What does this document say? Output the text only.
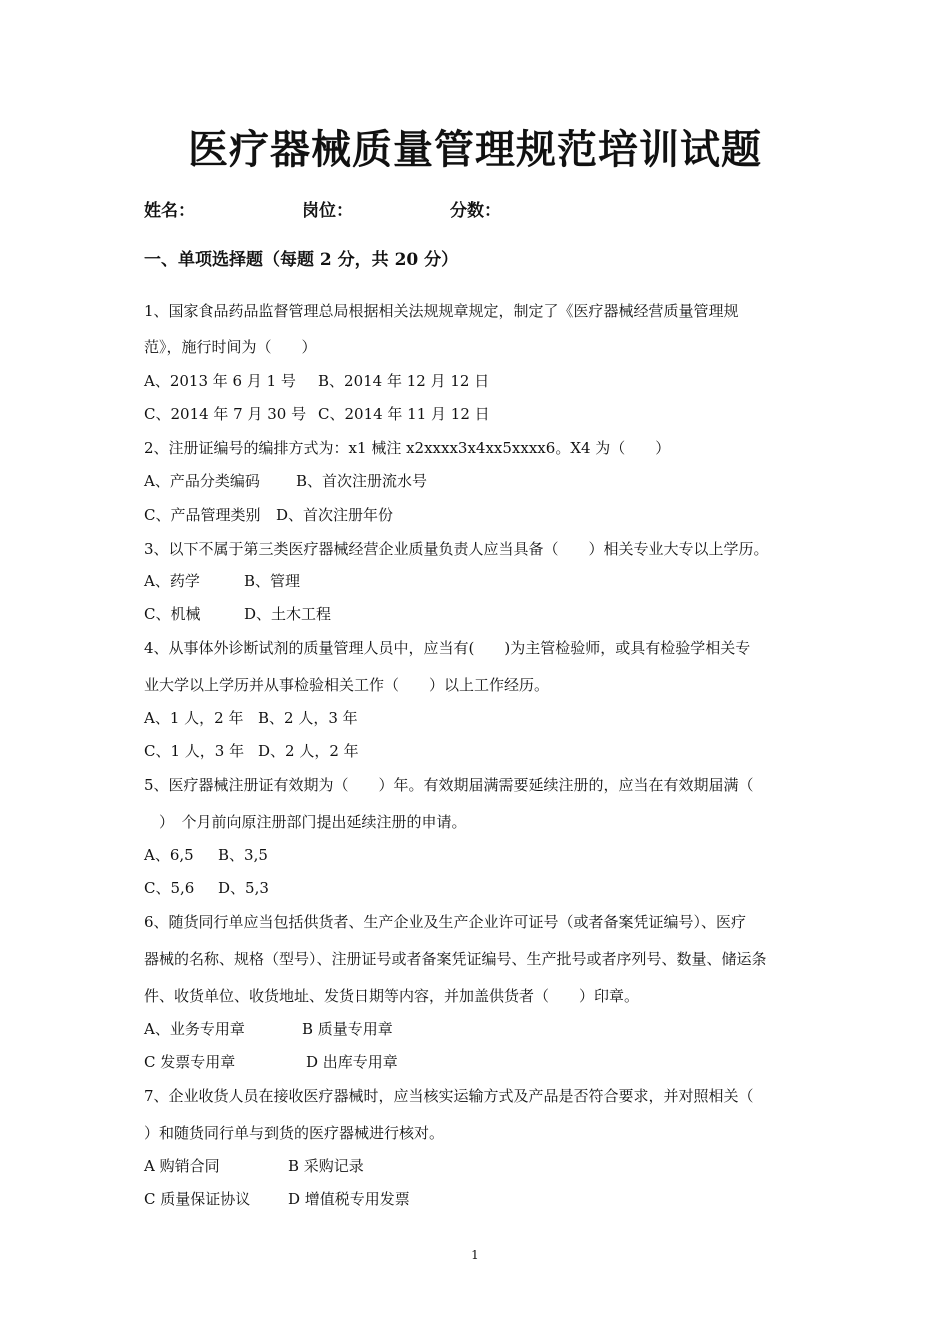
医疗器械质量管理规范培训试题
姓名：	岗位：	分数：
一、单项选择题（每题 2 分，共 20 分）
1、国家食品药品监督管理总局根据相关法规规章规定，制定了《医疗器械经营质量管理规
范》，施行时间为（　　）
A、2013 年 6 月 1 号 B、2014 年 12 月 12 日
C、2014 年 7 月 30 号 C、2014 年 11 月 12 日
2、注册证编号的编排方式为：x1 械注 x2xxxx3x4xx5xxxx6。X4 为（　　）
A、产品分类编码 B、首次注册流水号
C、产品管理类别 D、首次注册年份
3、以下不属于第三类医疗器械经营企业质量负责人应当具备（　　）相关专业大专以上学历。
A、药学	B、管理
C、机械	D、土木工程
4、从事体外诊断试剂的质量管理人员中，应当有(　　)为主管检验师，或具有检验学相关专
业大学以上学历并从事检验相关工作（　　）以上工作经历。
A、1 人，2 年 B、2 人，3 年
C、1 人，3 年 D、2 人，2 年
5、医疗器械注册证有效期为（　　）年。有效期届满需要延续注册的，应当在有效期届满（
　）　个月前向原注册部门提出延续注册的申请。
A、6,5 B、3,5
C、5,6 D、5,3
6、随货同行单应当包括供货者、生产企业及生产企业许可证号（或者备案凭证编号）、医疗
器械的名称、规格（型号）、注册证号或者备案凭证编号、生产批号或者序列号、数量、储运条
件、收货单位、收货地址、发货日期等内容，并加盖供货者（　　）印章。
A、业务专用章	B 质量专用章
C 发票专用章	D 出库专用章
7、企业收货人员在接收医疗器械时，应当核实运输方式及产品是否符合要求，并对照相关（
）和随货同行单与到货的医疗器械进行核对。
A 购销合同	B 采购记录
C 质量保证协议	D 增值税专用发票
1
